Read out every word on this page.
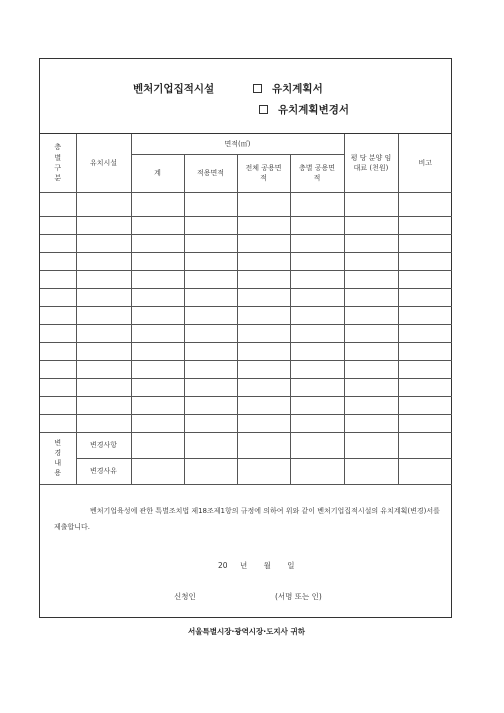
벤처기업집적시설	유치계획서
유치계획변경서
층별 구분	유치시설	면적(㎡)				평 당 분양 임대료 (천원)	비고
		계	적용면적	전체 공용면적	층별 공용면적		

변경내용	변경사항						
	변경사유						
벤처기업육성에 관한 특별조치법 제18조제1항의 규정에 의하여 위와 같이 벤처기업집적시설의 유치계획(변경)서를 제출합니다.
20 년 월 일
신청인	(서명 또는 인)
서울특별시장·광역시장·도지사 귀하
